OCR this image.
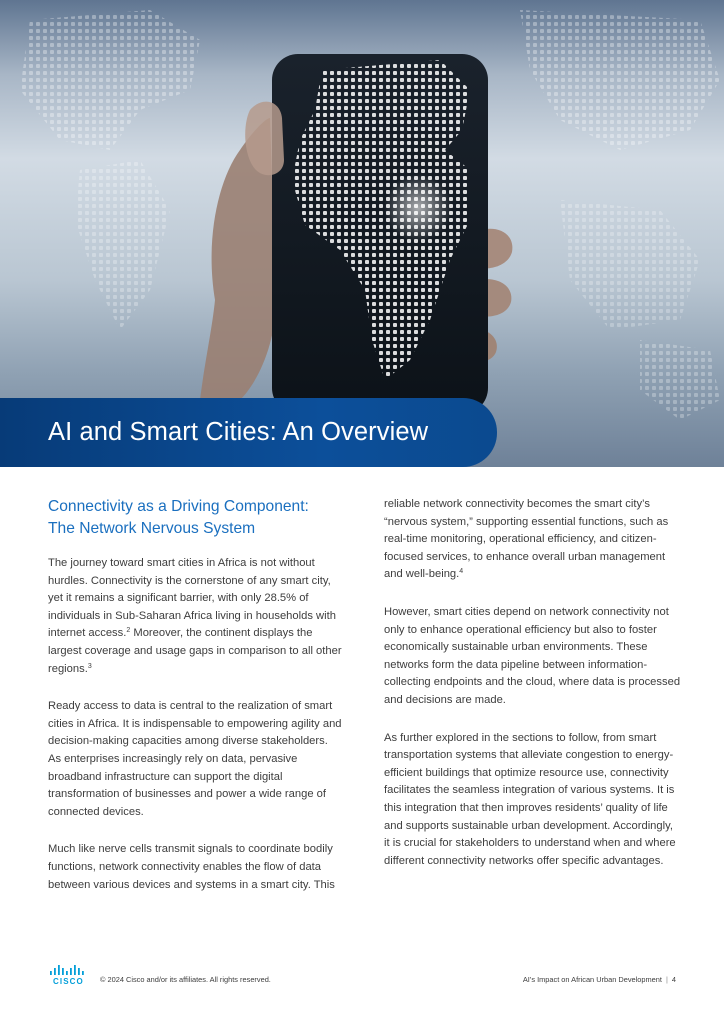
AI and Smart Cities: An Overview
Connectivity as a Driving Component:
The Network Nervous System

The journey toward smart cities in Africa is not without hurdles. Connectivity is the cornerstone of any smart city, yet it remains a significant barrier, with only 28.5% of individuals in Sub-Saharan Africa living in households with internet access.$^2$ Moreover, the continent displays the largest coverage and usage gaps in comparison to all other regions.$^3$

Ready access to data is central to the realization of smart cities in Africa. It is indispensable to empowering agility and decision-making capacities among diverse stakeholders. As enterprises increasingly rely on data, pervasive broadband infrastructure can support the digital transformation of businesses and power a wide range of connected devices.

Much like nerve cells transmit signals to coordinate bodily functions, network connectivity enables the flow of data between various devices and systems in a smart city. This

reliable network connectivity becomes the smart city’s “nervous system,” supporting essential functions, such as real-time monitoring, operational efficiency, and citizen-focused services, to enhance overall urban management and well-being.$^4$

However, smart cities depend on network connectivity not only to enhance operational efficiency but also to foster economically sustainable urban environments. These networks form the data pipeline between information-collecting endpoints and the cloud, where data is processed and decisions are made.

As further explored in the sections to follow, from smart transportation systems that alleviate congestion to energy-efficient buildings that optimize resource use, connectivity facilitates the seamless integration of various systems. It is this integration that then improves residents’ quality of life and supports sustainable urban development. Accordingly, it is crucial for stakeholders to understand when and where different connectivity networks offer specific advantages.

CISCO © 2024 Cisco and/or its affiliates. All rights reserved.	AI’s Impact on African Urban Development | 4
